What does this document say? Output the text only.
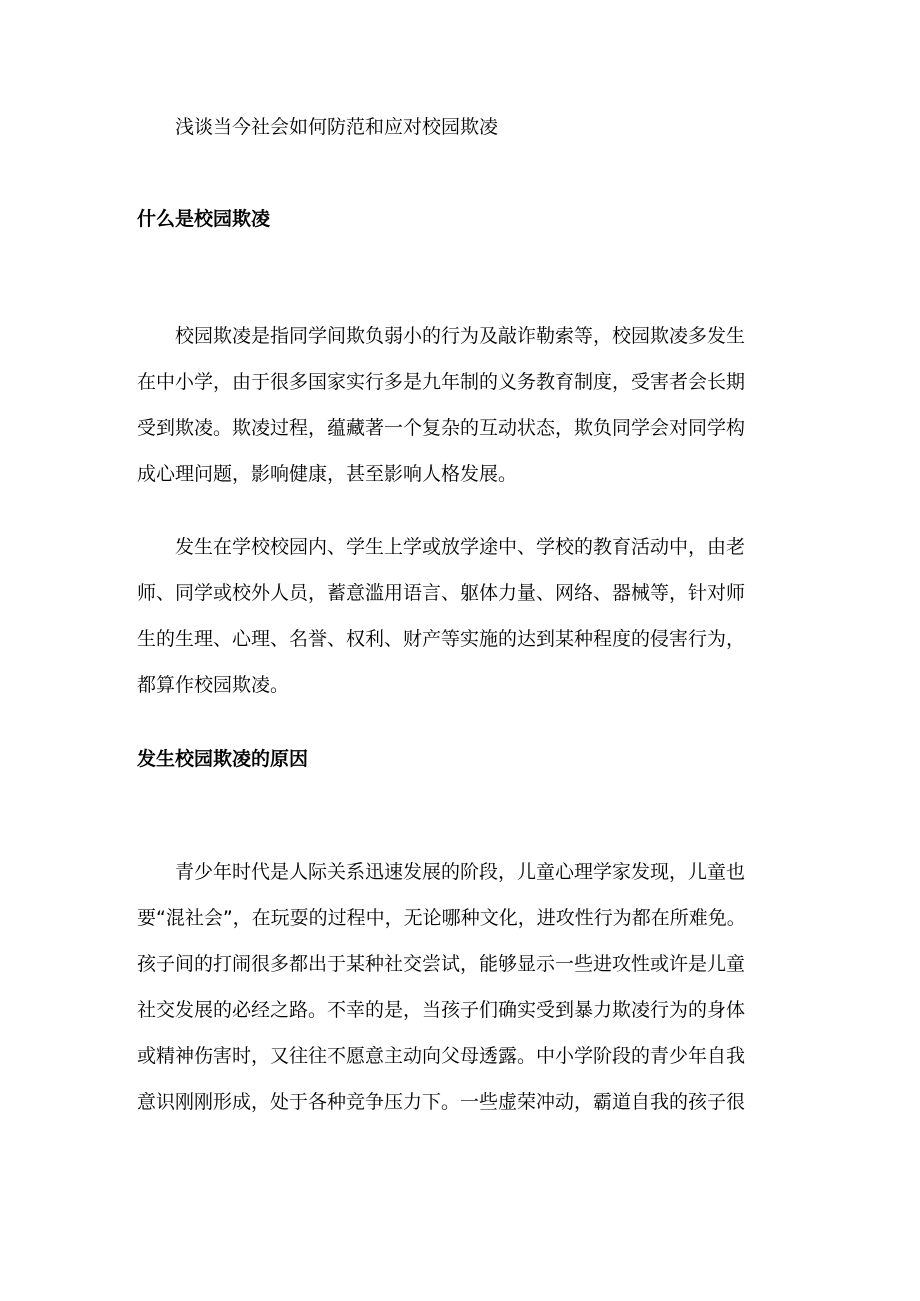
浅谈当今社会如何防范和应对校园欺凌
什么是校园欺凌

校园欺凌是指同学间欺负弱小的行为及敲诈勒索等，校园欺凌多发生
在中小学，由于很多国家实行多是九年制的义务教育制度，受害者会长期
受到欺凌。欺凌过程，蕴藏著一个复杂的互动状态，欺负同学会对同学构
成心理问题，影响健康，甚至影响人格发展。

发生在学校校园内、学生上学或放学途中、学校的教育活动中，由老
师、同学或校外人员，蓄意滥用语言、躯体力量、网络、器械等，针对师
生的生理、心理、名誉、权利、财产等实施的达到某种程度的侵害行为，
都算作校园欺凌。

发生校园欺凌的原因

青少年时代是人际关系迅速发展的阶段，儿童心理学家发现，儿童也
要“混社会”，在玩耍的过程中，无论哪种文化，进攻性行为都在所难免。
孩子间的打闹很多都出于某种社交尝试，能够显示一些进攻性或许是儿童
社交发展的必经之路。不幸的是，当孩子们确实受到暴力欺凌行为的身体
或精神伤害时，又往往不愿意主动向父母透露。中小学阶段的青少年自我
意识刚刚形成，处于各种竞争压力下。一些虚荣冲动，霸道自我的孩子很
